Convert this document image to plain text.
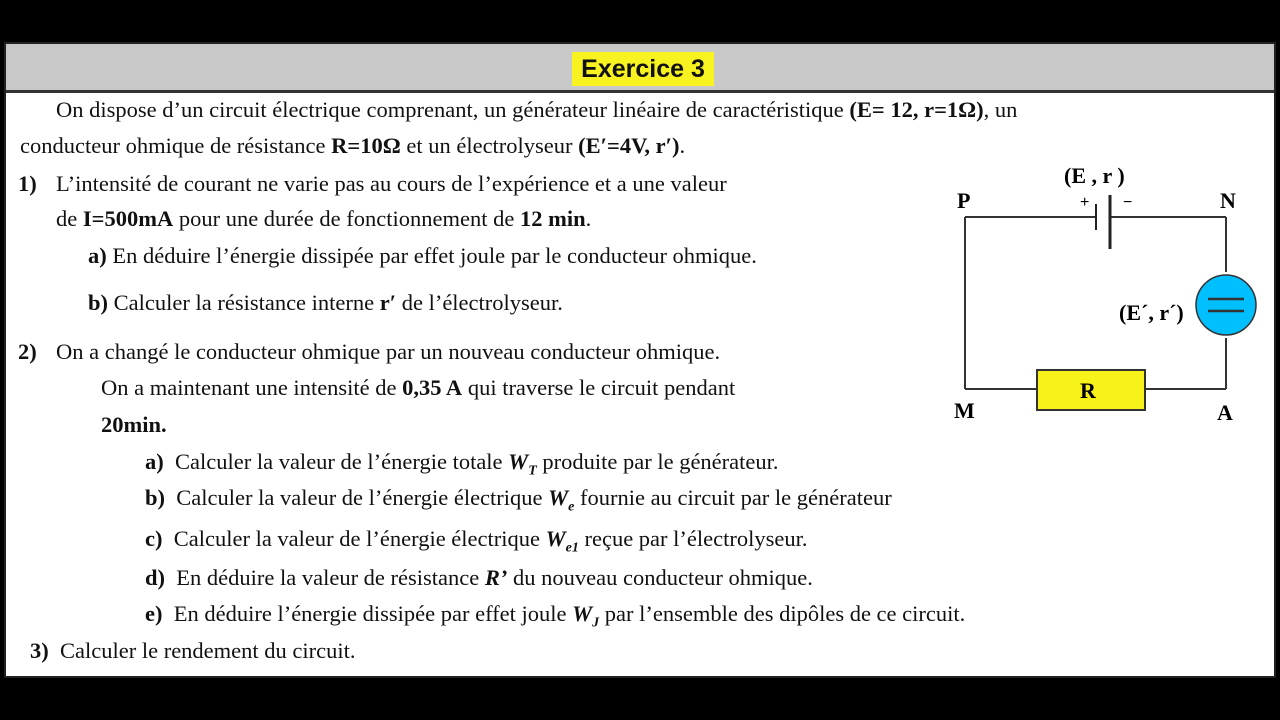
Exercice 3
On dispose d’un circuit électrique comprenant, un générateur linéaire de caractéristique (E= 12, r=1Ω), un
conducteur ohmique de résistance R=10Ω et un électrolyseur (E′=4V, r′).
1) L’intensité de courant ne varie pas au cours de l’expérience et a une valeur
de I=500mA pour une durée de fonctionnement de 12 min.
a) En déduire l’énergie dissipée par effet joule par le conducteur ohmique.
b) Calculer la résistance interne r′ de l’électrolyseur.
2) On a changé le conducteur ohmique par un nouveau conducteur ohmique.
On a maintenant une intensité de 0,35 A qui traverse le circuit pendant
20min.
a) Calculer la valeur de l’énergie totale $W_T$ produite par le générateur.
b) Calculer la valeur de l’énergie électrique $W_e$ fournie au circuit par le générateur
c) Calculer la valeur de l’énergie électrique $W_{e1}$ reçue par l’électrolyseur.
d) En déduire la valeur de résistance R’ du nouveau conducteur ohmique.
e) En déduire l’énergie dissipée par effet joule $W_J$ par l’ensemble des dipôles de ce circuit.
3) Calculer le rendement du circuit.
(E , r )
+ −
P	N
M	A
(E´, r´)
R
